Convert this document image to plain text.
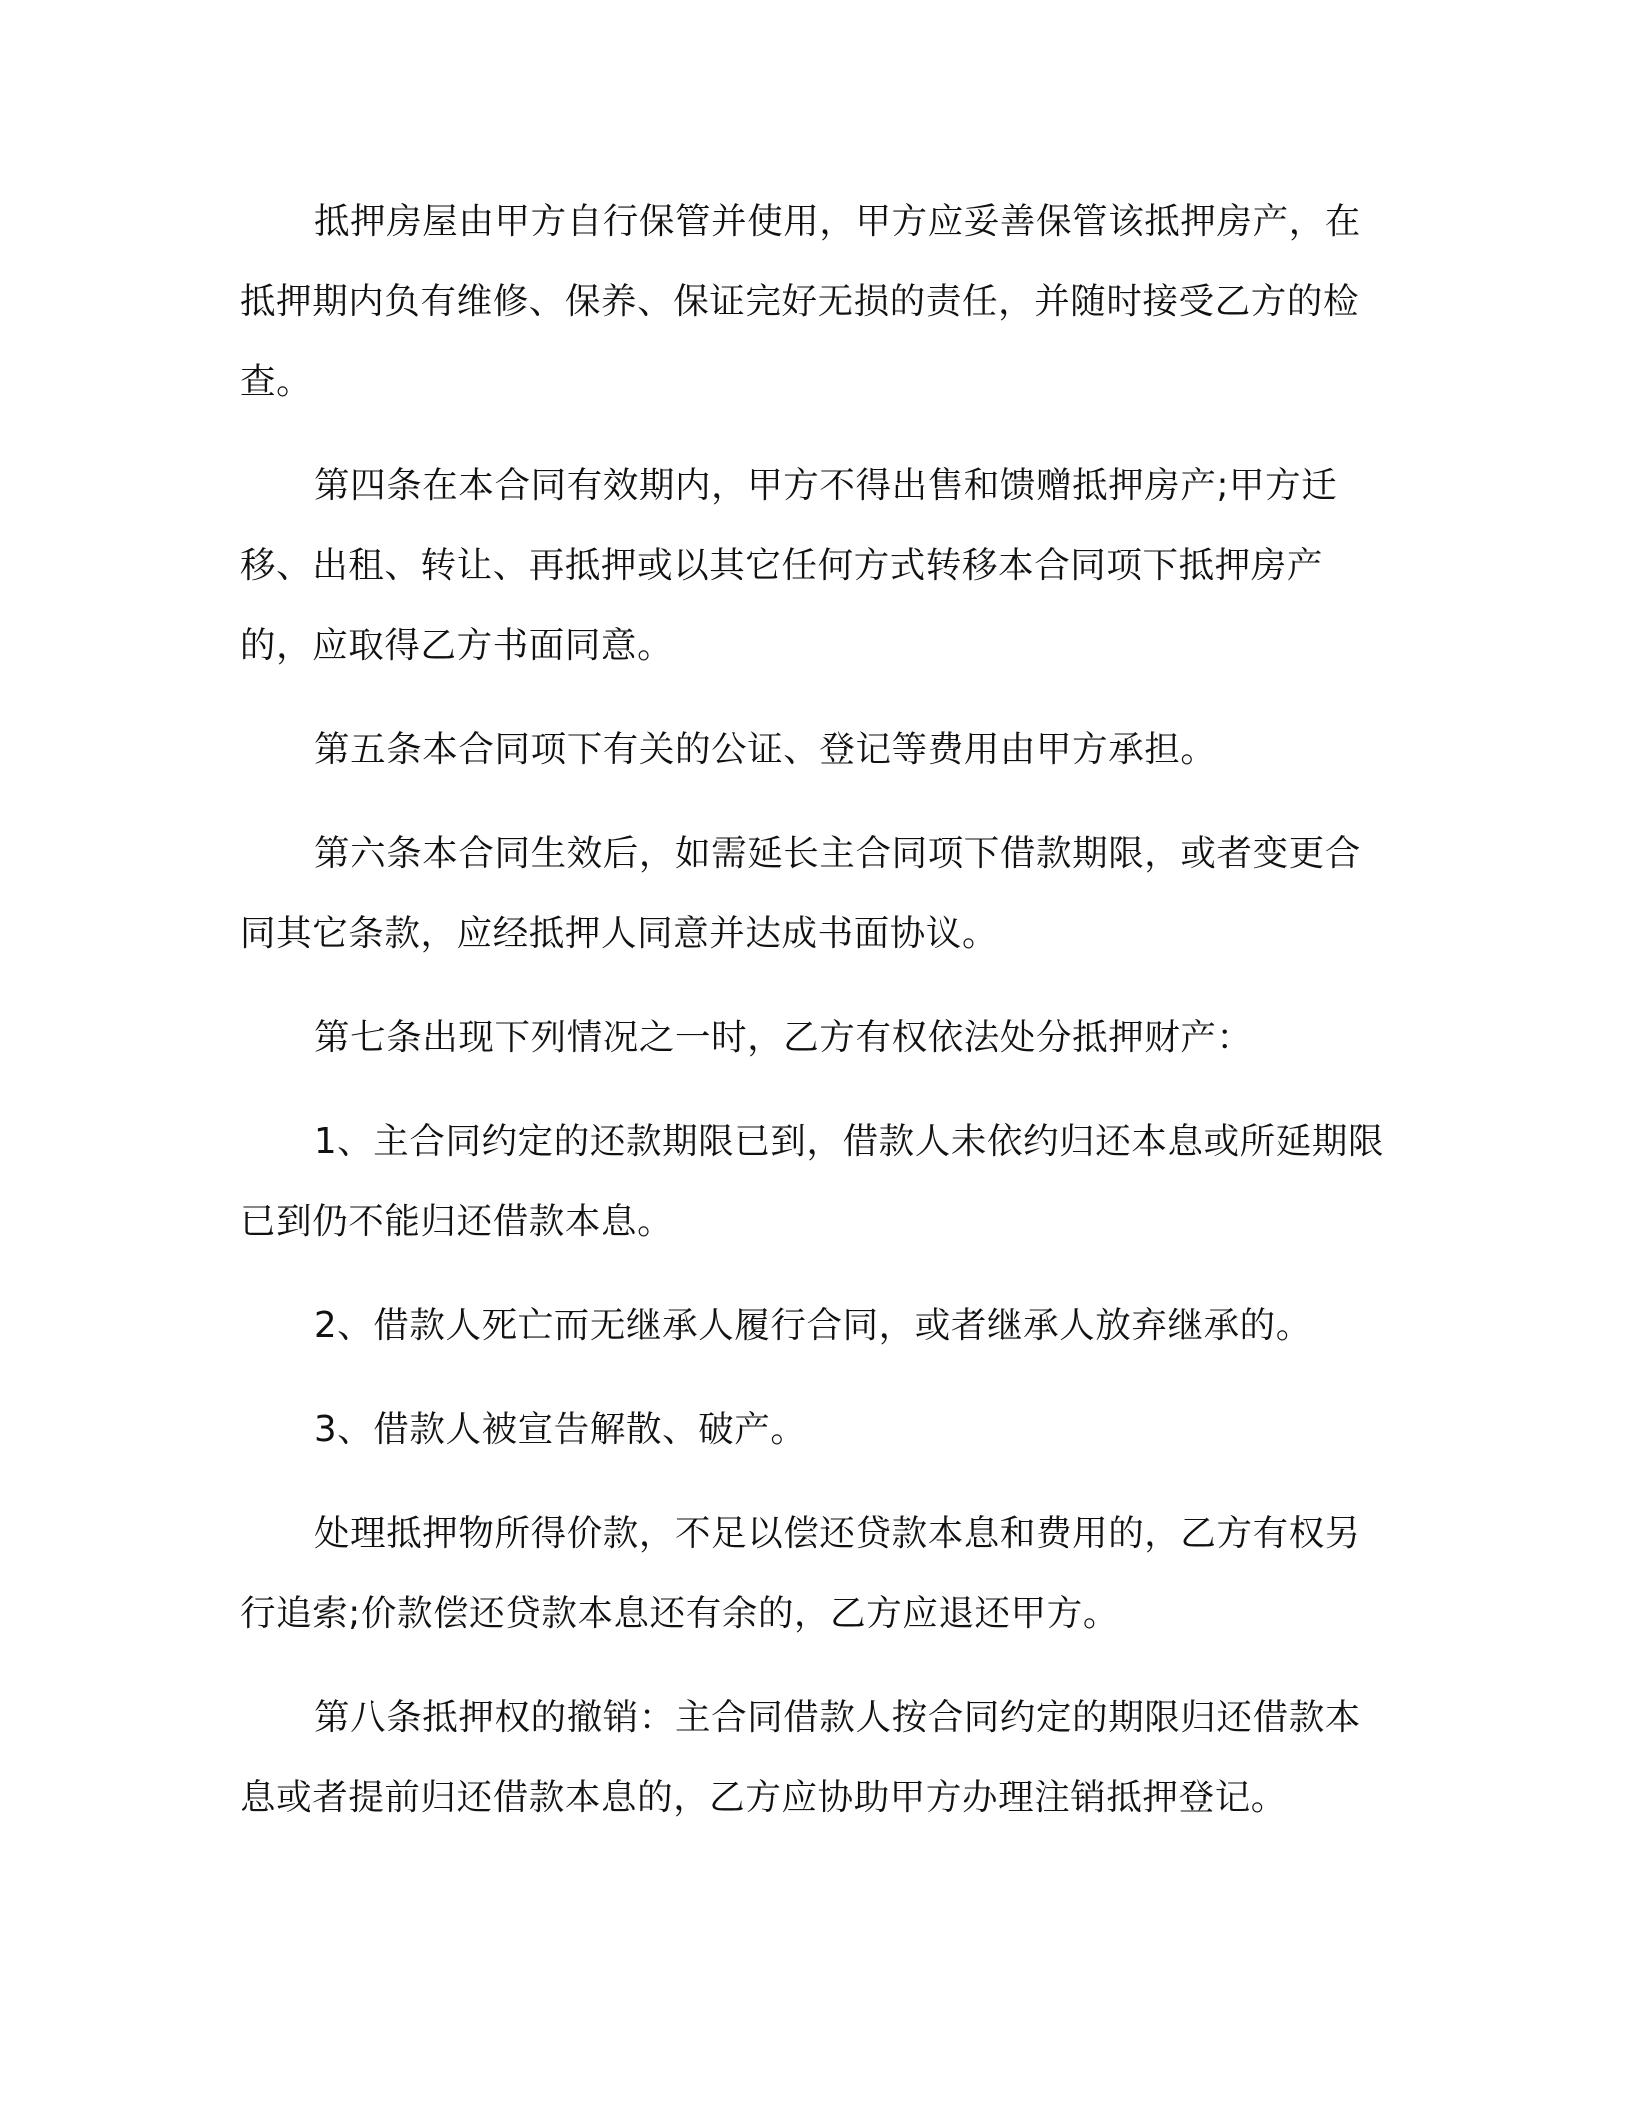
抵押房屋由甲方自行保管并使用，甲方应妥善保管该抵押房产，在抵押期内负有维修、保养、保证完好无损的责任，并随时接受乙方的检查。

第四条在本合同有效期内，甲方不得出售和馈赠抵押房产;甲方迁移、出租、转让、再抵押或以其它任何方式转移本合同项下抵押房产的，应取得乙方书面同意。

第五条本合同项下有关的公证、登记等费用由甲方承担。

第六条本合同生效后，如需延长主合同项下借款期限，或者变更合同其它条款，应经抵押人同意并达成书面协议。

第七条出现下列情况之一时，乙方有权依法处分抵押财产：

1、主合同约定的还款期限已到，借款人未依约归还本息或所延期限已到仍不能归还借款本息。

2、借款人死亡而无继承人履行合同，或者继承人放弃继承的。

3、借款人被宣告解散、破产。

处理抵押物所得价款，不足以偿还贷款本息和费用的，乙方有权另行追索;价款偿还贷款本息还有余的，乙方应退还甲方。

第八条抵押权的撤销：主合同借款人按合同约定的期限归还借款本息或者提前归还借款本息的，乙方应协助甲方办理注销抵押登记。
